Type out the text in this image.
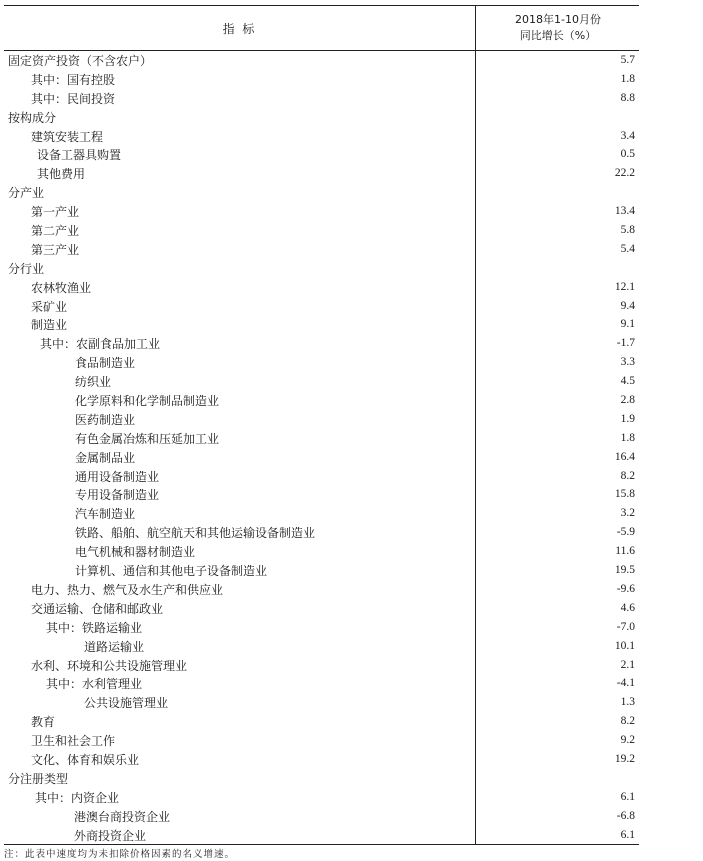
指 标
2018年1-10月份
同比增长（%）
固定资产投资（不含农户）	5.7
其中：国有控股	1.8
其中：民间投资	8.8
按构成分
建筑安装工程	3.4
设备工器具购置	0.5
其他费用	22.2
分产业
第一产业	13.4
第二产业	5.8
第三产业	5.4
分行业
农林牧渔业	12.1
采矿业	9.4
制造业	9.1
其中：农副食品加工业	-1.7
食品制造业	3.3
纺织业	4.5
化学原料和化学制品制造业	2.8
医药制造业	1.9
有色金属冶炼和压延加工业	1.8
金属制品业	16.4
通用设备制造业	8.2
专用设备制造业	15.8
汽车制造业	3.2
铁路、船舶、航空航天和其他运输设备制造业	-5.9
电气机械和器材制造业	11.6
计算机、通信和其他电子设备制造业	19.5
电力、热力、燃气及水生产和供应业	-9.6
交通运输、仓储和邮政业	4.6
其中：铁路运输业	-7.0
道路运输业	10.1
水利、环境和公共设施管理业	2.1
其中：水利管理业	-4.1
公共设施管理业	1.3
教育	8.2
卫生和社会工作	9.2
文化、体育和娱乐业	19.2
分注册类型
其中：内资企业	6.1
港澳台商投资企业	-6.8
外商投资企业	6.1
注：此表中速度均为未扣除价格因素的名义增速。
